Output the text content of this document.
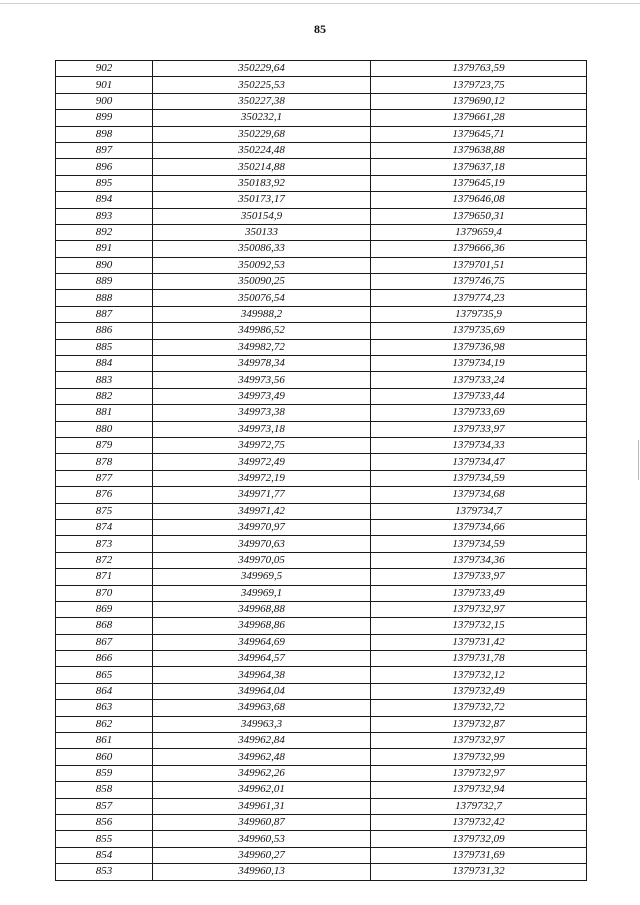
85
902	350229,64	1379763,59
901	350225,53	1379723,75
900	350227,38	1379690,12
899	350232,1	1379661,28
898	350229,68	1379645,71
897	350224,48	1379638,88
896	350214,88	1379637,18
895	350183,92	1379645,19
894	350173,17	1379646,08
893	350154,9	1379650,31
892	350133	1379659,4
891	350086,33	1379666,36
890	350092,53	1379701,51
889	350090,25	1379746,75
888	350076,54	1379774,23
887	349988,2	1379735,9
886	349986,52	1379735,69
885	349982,72	1379736,98
884	349978,34	1379734,19
883	349973,56	1379733,24
882	349973,49	1379733,44
881	349973,38	1379733,69
880	349973,18	1379733,97
879	349972,75	1379734,33
878	349972,49	1379734,47
877	349972,19	1379734,59
876	349971,77	1379734,68
875	349971,42	1379734,7
874	349970,97	1379734,66
873	349970,63	1379734,59
872	349970,05	1379734,36
871	349969,5	1379733,97
870	349969,1	1379733,49
869	349968,88	1379732,97
868	349968,86	1379732,15
867	349964,69	1379731,42
866	349964,57	1379731,78
865	349964,38	1379732,12
864	349964,04	1379732,49
863	349963,68	1379732,72
862	349963,3	1379732,87
861	349962,84	1379732,97
860	349962,48	1379732,99
859	349962,26	1379732,97
858	349962,01	1379732,94
857	349961,31	1379732,7
856	349960,87	1379732,42
855	349960,53	1379732,09
854	349960,27	1379731,69
853	349960,13	1379731,32
